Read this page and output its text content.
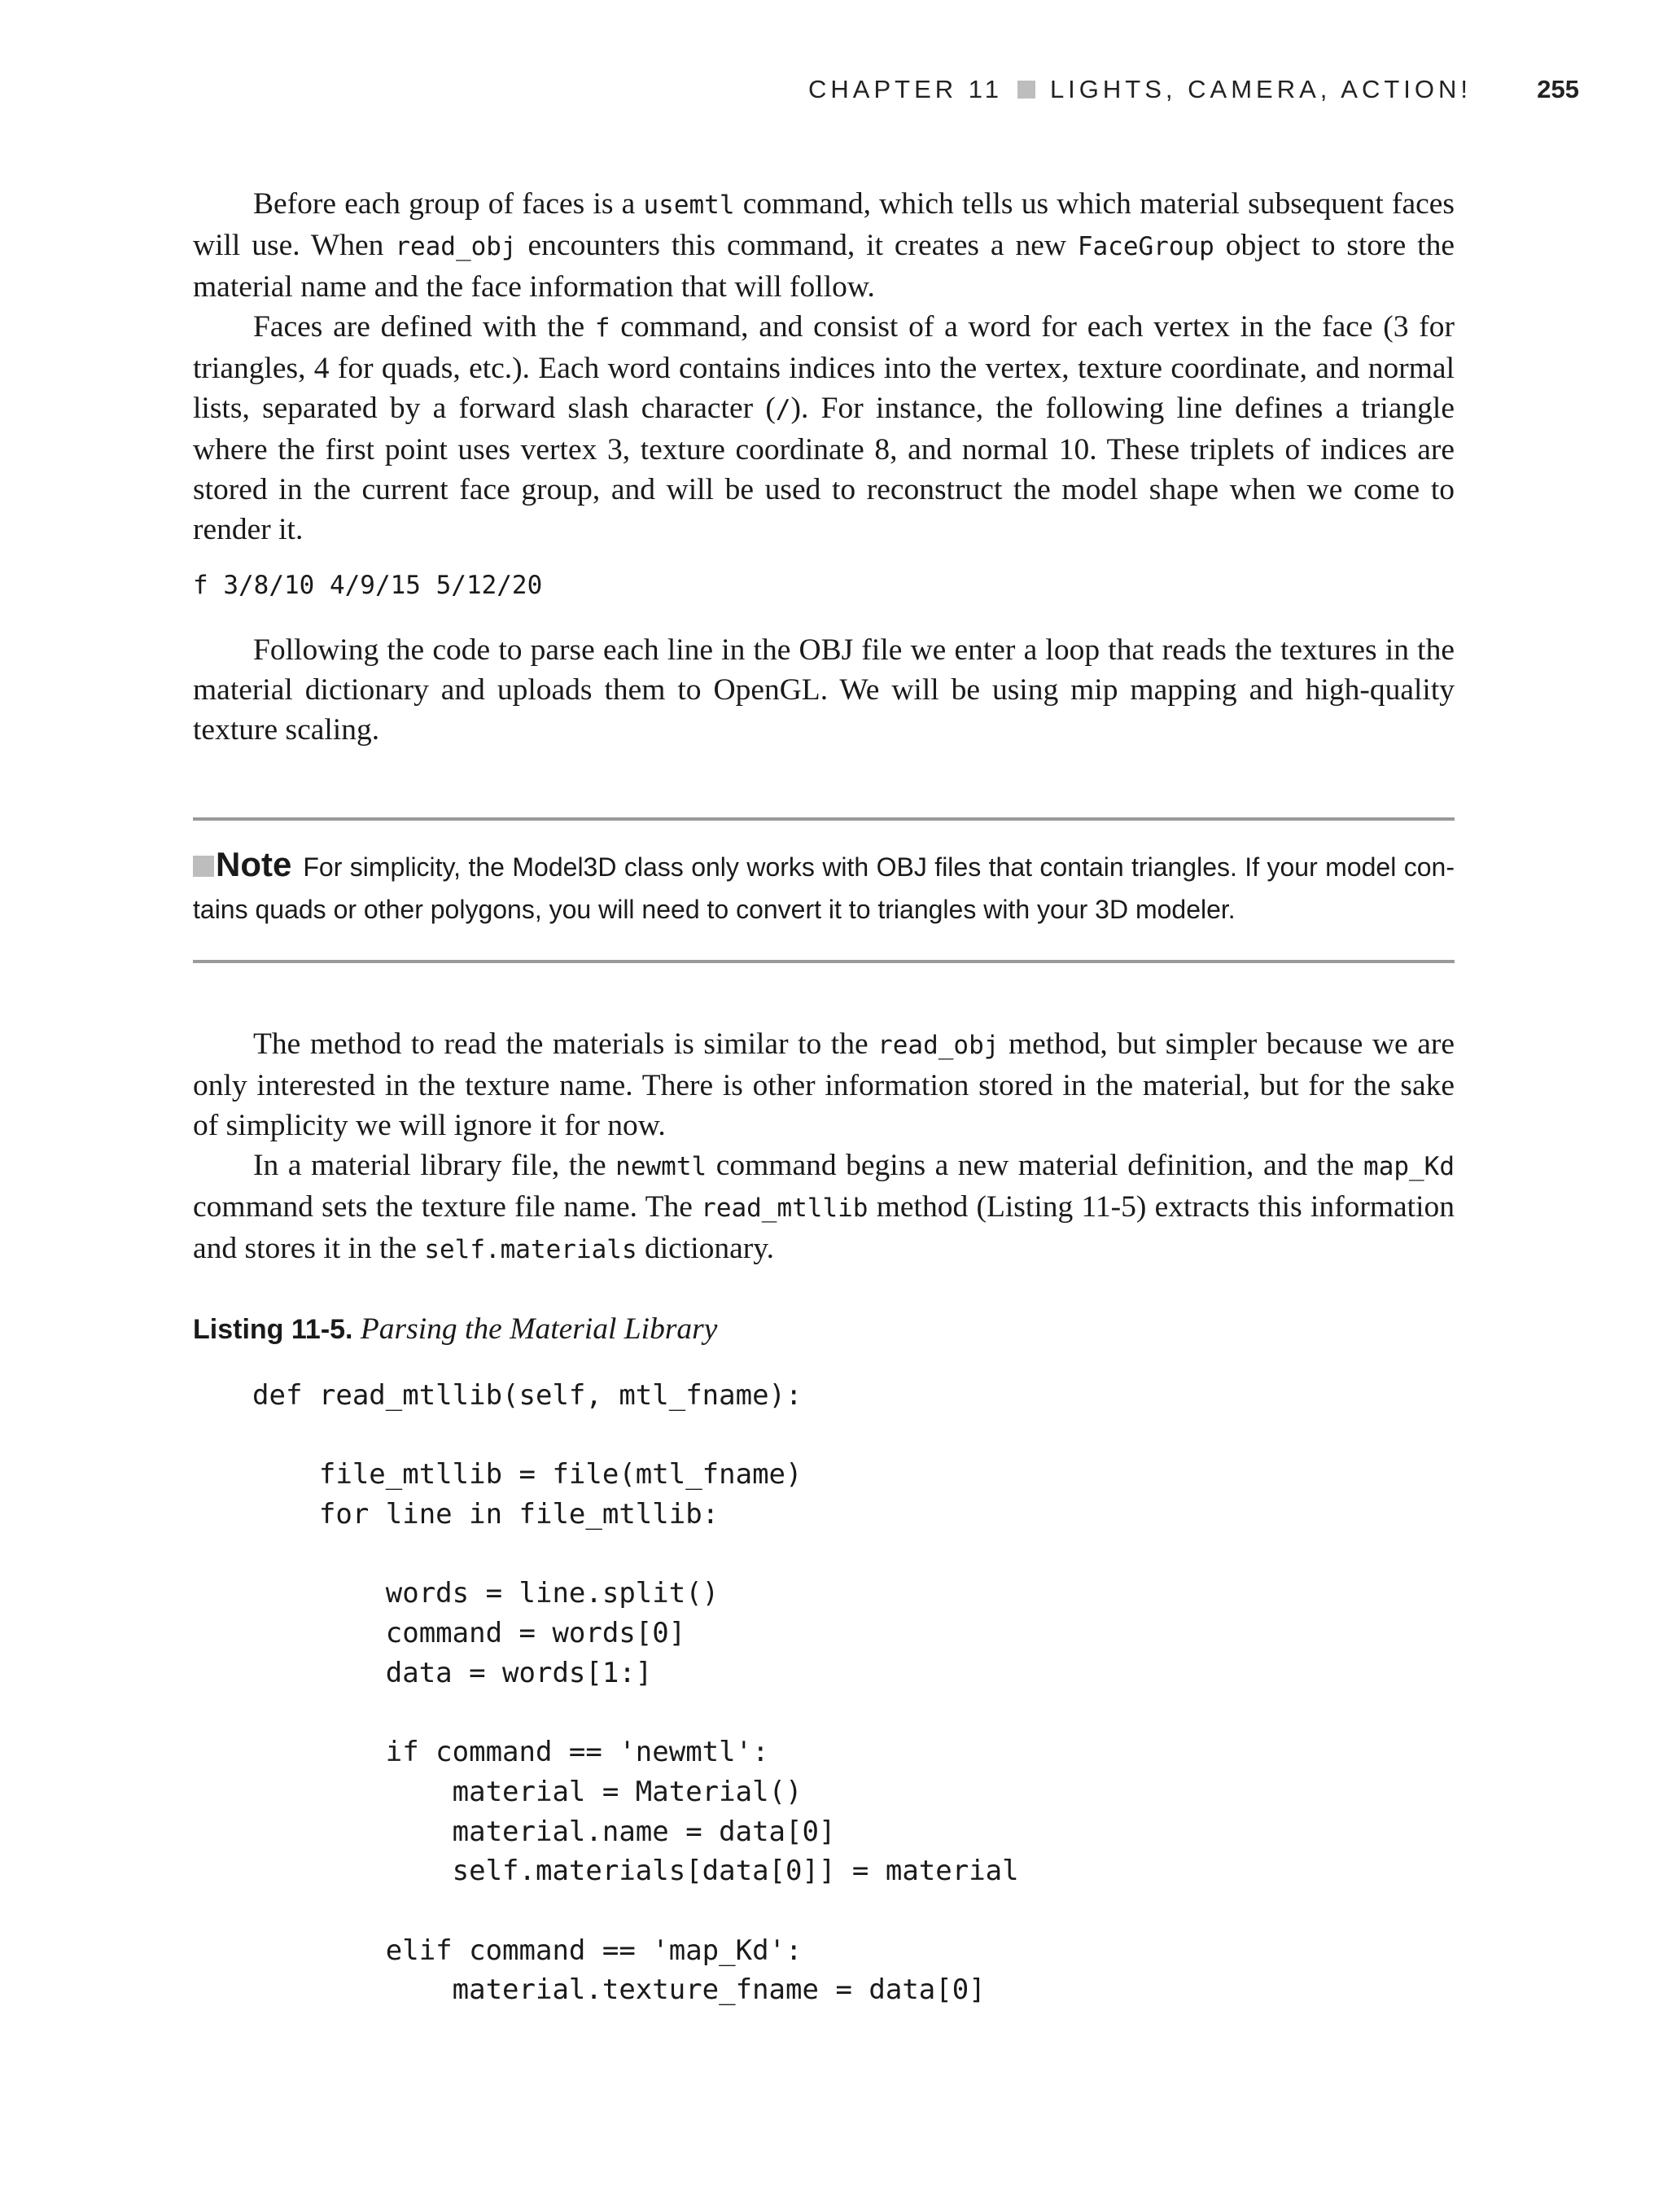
CHAPTER 11 LIGHTS, CAMERA, ACTION!	255

Before each group of faces is a usemtl command, which tells us which material subsequent faces will use. When read_obj encounters this command, it creates a new FaceGroup object to store the material name and the face information that will follow.

Faces are defined with the f command, and consist of a word for each vertex in the face (3 for triangles, 4 for quads, etc.). Each word contains indices into the vertex, texture coordinate, and normal lists, separated by a forward slash character (/). For instance, the following line defines a triangle where the first point uses vertex 3, texture coordinate 8, and normal 10. These triplets of indices are stored in the current face group, and will be used to reconstruct the model shape when we come to render it.

f 3/8/10 4/9/15 5/12/20

Following the code to parse each line in the OBJ file we enter a loop that reads the textures in the material dictionary and uploads them to OpenGL. We will be using mip mapping and high-quality texture scaling.

Note For simplicity, the Model3D class only works with OBJ files that contain triangles. If your model contains quads or other polygons, you will need to convert it to triangles with your 3D modeler.

The method to read the materials is similar to the read_obj method, but simpler because we are only interested in the texture name. There is other information stored in the material, but for the sake of simplicity we will ignore it for now.

In a material library file, the newmtl command begins a new material definition, and the map_Kd command sets the texture file name. The read_mtllib method (Listing 11-5) extracts this information and stores it in the self.materials dictionary.

Listing 11-5. Parsing the Material Library
def read_mtllib(self, mtl_fname):
file_mtllib = file(mtl_fname)
for line in file_mtllib:
words = line.split()
command = words[0]
data = words[1:]
if command == 'newmtl':
material = Material()
material.name = data[0]
self.materials[data[0]] = material
elif command == 'map_Kd':
material.texture_fname = data[0]
